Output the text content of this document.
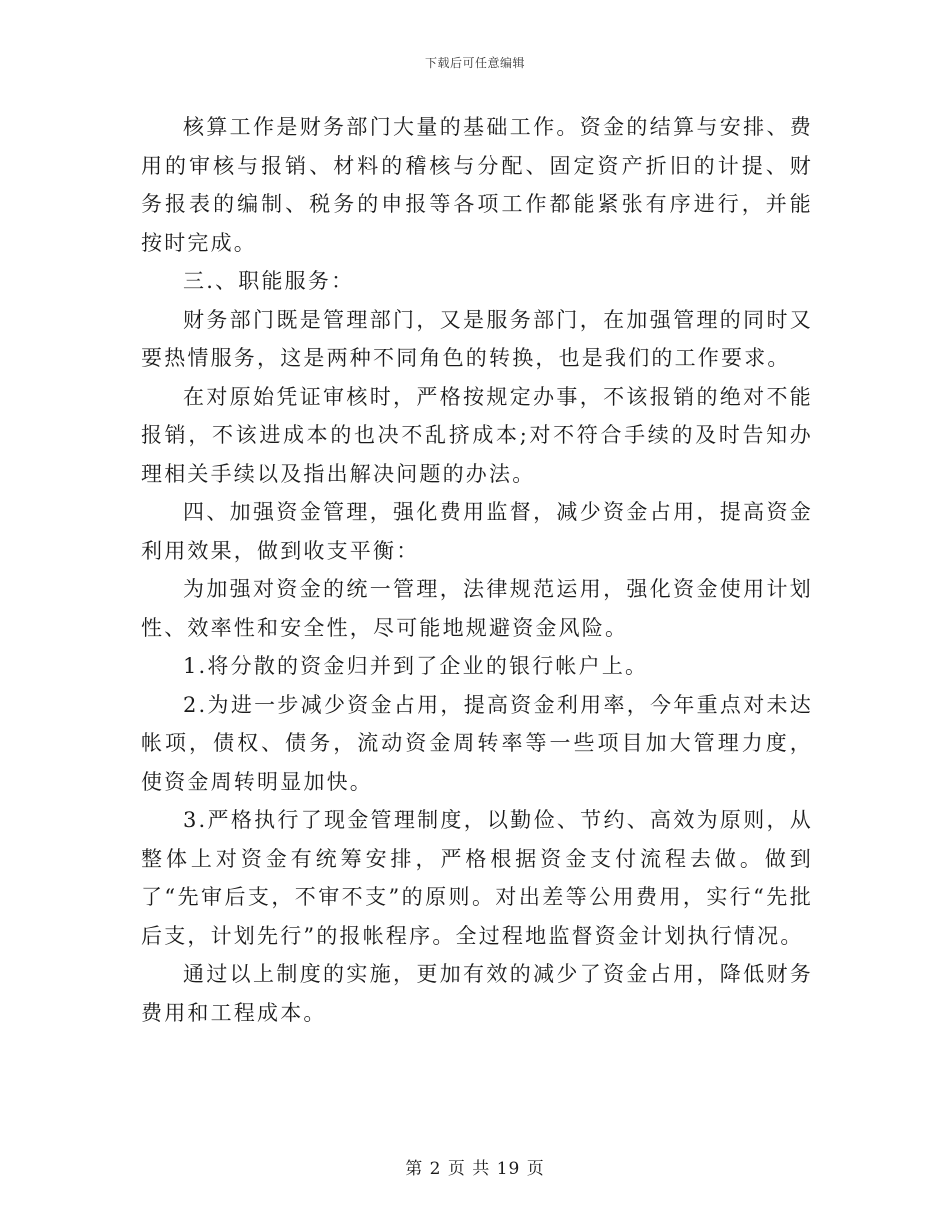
下载后可任意编辑

核算工作是财务部门大量的基础工作。资金的结算与安排、费用的审核与报销、材料的稽核与分配、固定资产折旧的计提、财务报表的编制、税务的申报等各项工作都能紧张有序进行，并能按时完成。

三.、职能服务：

财务部门既是管理部门，又是服务部门，在加强管理的同时又要热情服务，这是两种不同角色的转换，也是我们的工作要求。

在对原始凭证审核时，严格按规定办事，不该报销的绝对不能报销，不该进成本的也决不乱挤成本;对不符合手续的及时告知办理相关手续以及指出解决问题的办法。

四、加强资金管理，强化费用监督，减少资金占用，提高资金利用效果，做到收支平衡：

为加强对资金的统一管理，法律规范运用，强化资金使用计划性、效率性和安全性，尽可能地规避资金风险。

1.将分散的资金归并到了企业的银行帐户上。

2.为进一步减少资金占用，提高资金利用率，今年重点对未达帐项，债权、债务，流动资金周转率等一些项目加大管理力度，使资金周转明显加快。

3.严格执行了现金管理制度，以勤俭、节约、高效为原则，从整体上对资金有统筹安排，严格根据资金支付流程去做。做到了“先审后支，不审不支”的原则。对出差等公用费用，实行“先批后支，计划先行”的报帐程序。全过程地监督资金计划执行情况。

通过以上制度的实施，更加有效的减少了资金占用，降低财务费用和工程成本。

第 2 页 共 19 页
